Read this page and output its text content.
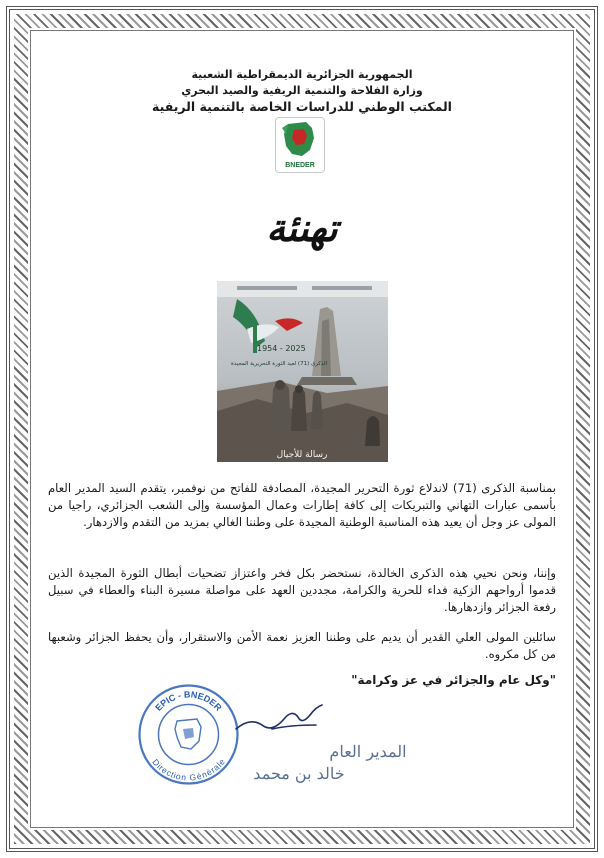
الجمهورية الجزائرية الديمقراطية الشعبية
وزارة الفلاحة والتنمية الريفية والصيد البحري
المكتب الوطني للدراسات الخاصة بالتنمية الريفية
BNEDER
تهنئة
1954 - 2025
الذكرى (71) لعيد الثورة التحريرية المجيدة
رسالة للأجيال
بمناسبة الذكرى (71) لاندلاع ثورة التحرير المجيدة، المصادفة للفاتح من نوفمبر، يتقدم السيد المدير العام بأسمى عبارات التهاني والتبريكات إلى كافة إطارات وعمال المؤسسة وإلى الشعب الجزائري، راجيا من المولى عز وجل أن يعيد هذه المناسبة الوطنية المجيدة على وطننا الغالي بمزيد من التقدم والازدهار.
وإننا، ونحن نحيي هذه الذكرى الخالدة، نستحضر بكل فخر واعتزاز تضحيات أبطال الثورة المجيدة الذين قدموا أرواحهم الزكية فداء للحرية والكرامة، مجددين العهد على مواصلة مسيرة البناء والعطاء في سبيل رفعة الجزائر وازدهارها.
سائلين المولى العلي القدير أن يديم على وطننا العزيز نعمة الأمن والاستقرار، وأن يحفظ الجزائر وشعبها من كل مكروه.
"وكل عام والجزائر في عز وكرامة"
EPIC - BNEDER
Direction Générale
المدير العام
خالد بن محمد
